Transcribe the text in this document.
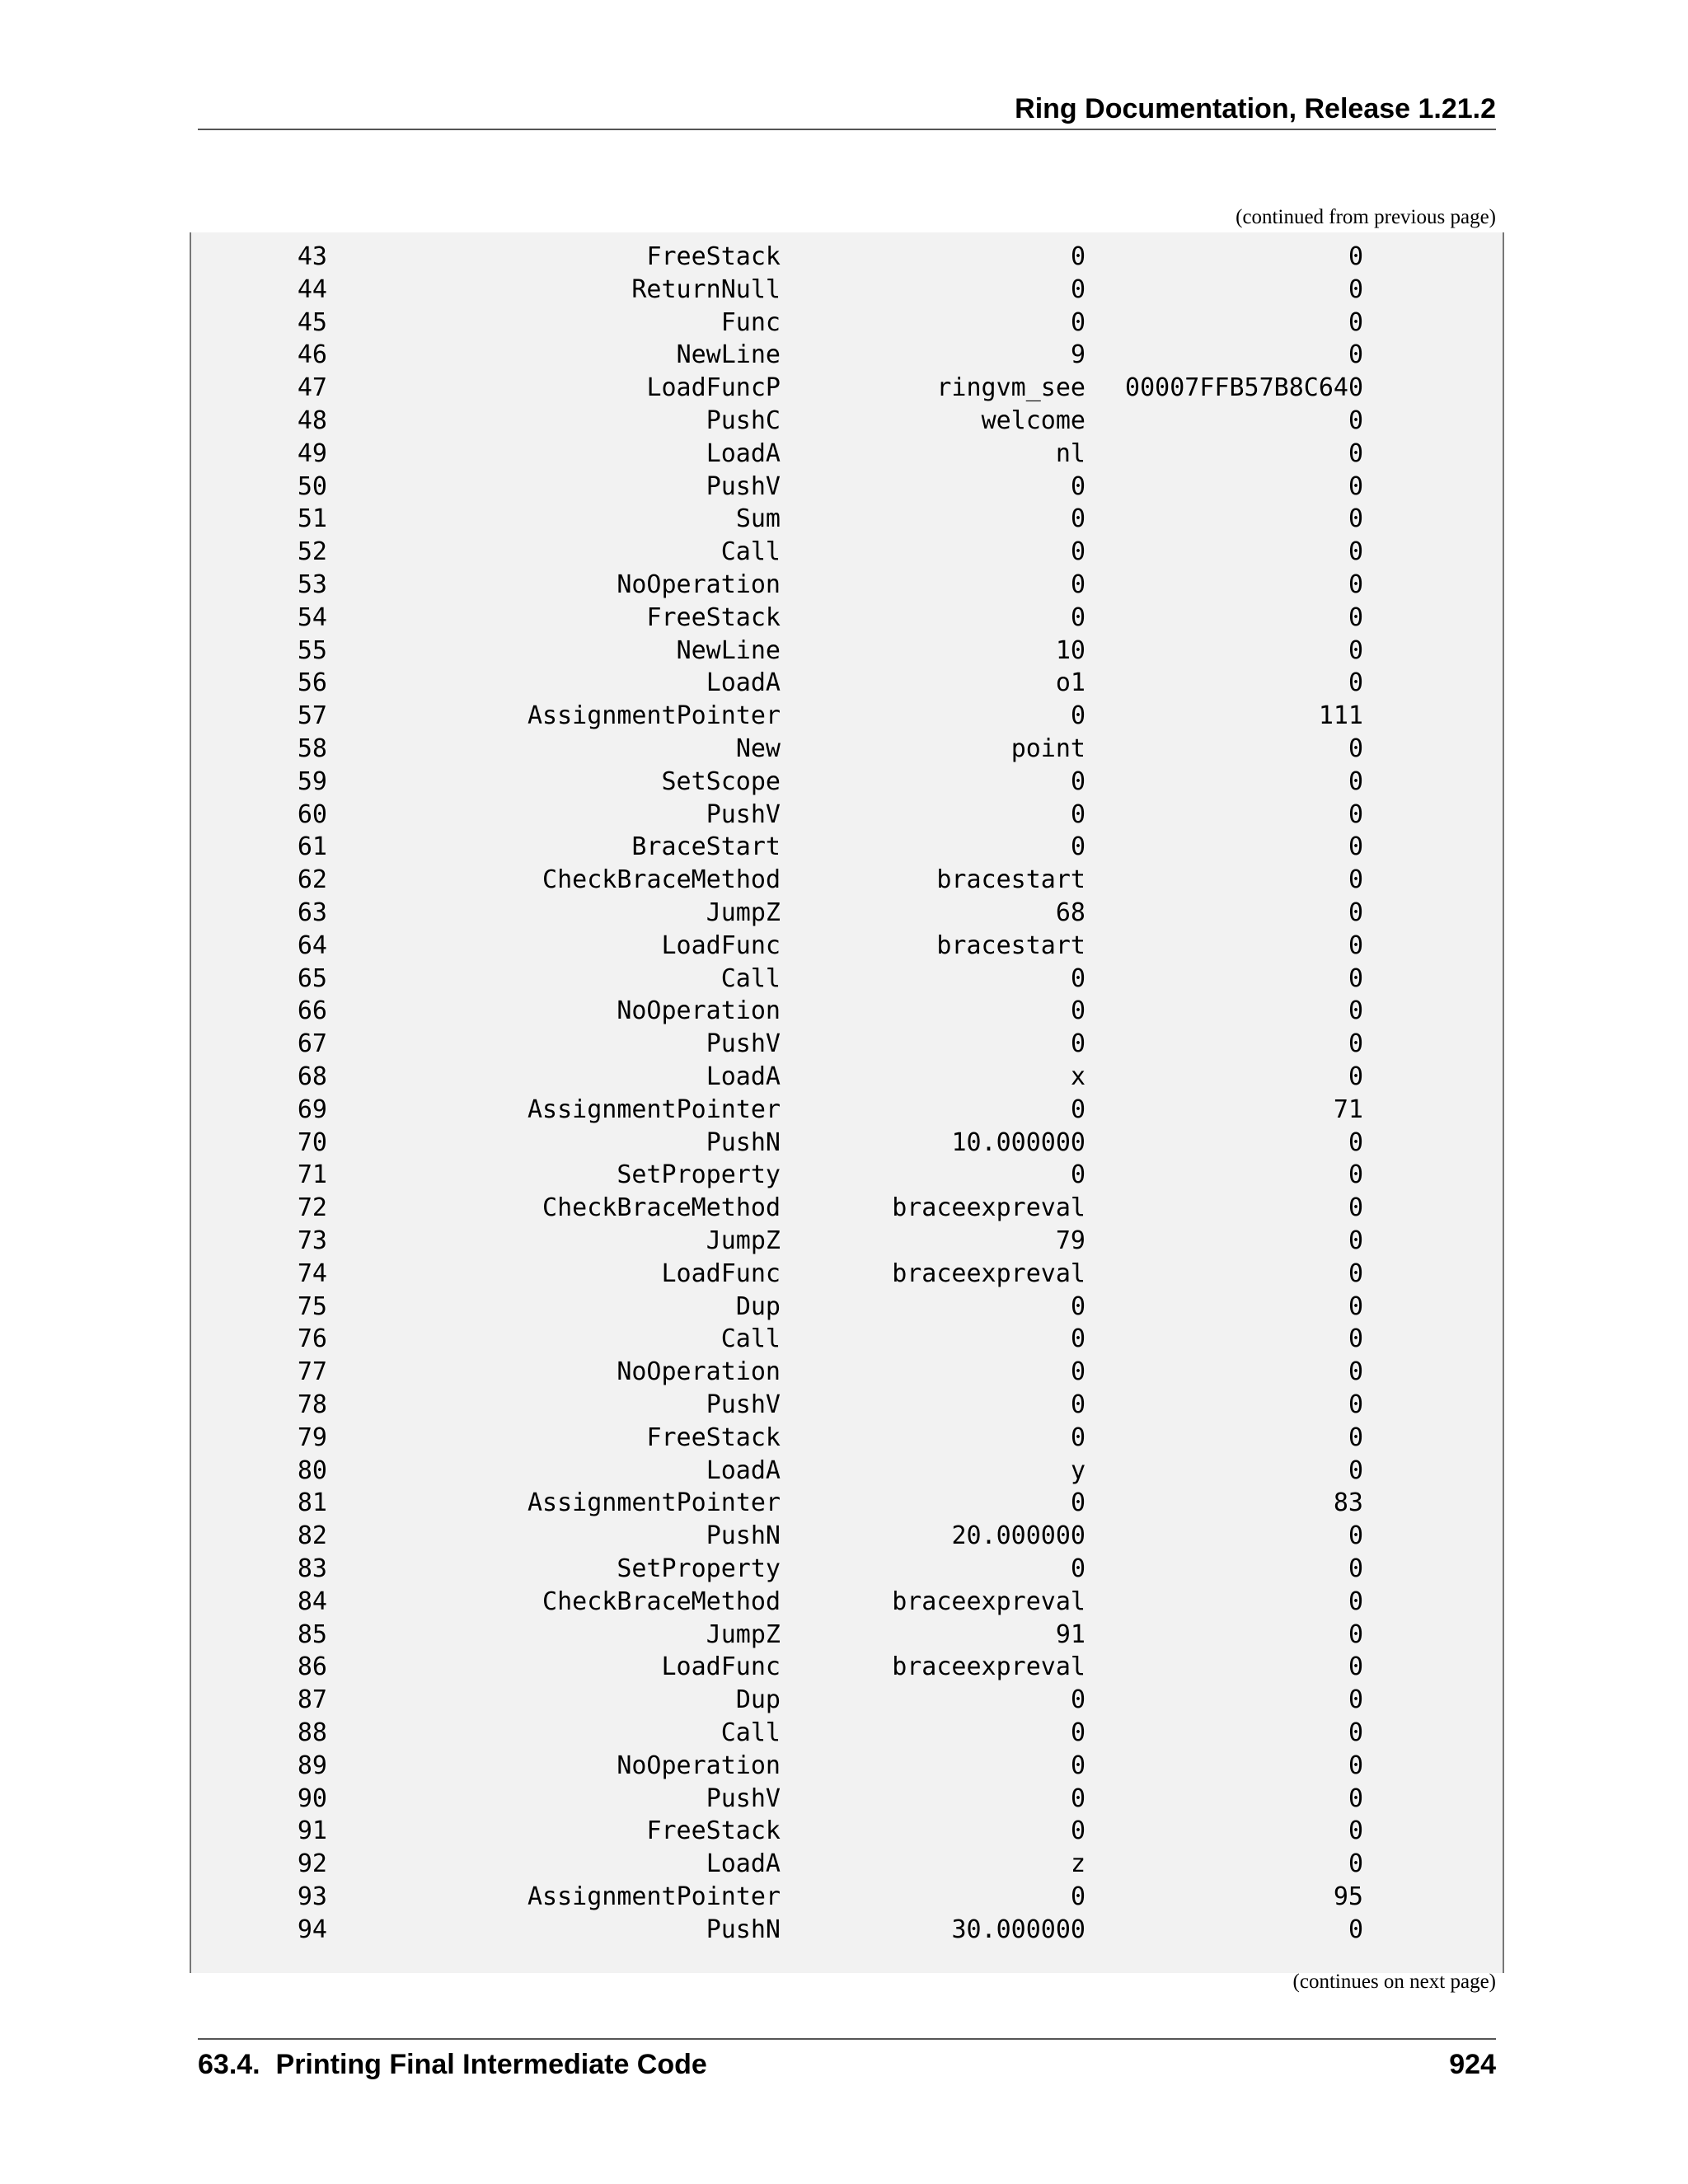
Ring Documentation, Release 1.21.2
(continued from previous page)
43	FreeStack	0	0
44	ReturnNull	0	0
45	Func	0	0
46	NewLine	9	0
47	LoadFuncP	ringvm_see	00007FFB57B8C640
48	PushC	welcome	0
49	LoadA	nl	0
50	PushV	0	0
51	Sum	0	0
52	Call	0	0
53	NoOperation	0	0
54	FreeStack	0	0
55	NewLine	10	0
56	LoadA	o1	0
57	AssignmentPointer	0	111
58	New	point	0
59	SetScope	0	0
60	PushV	0	0
61	BraceStart	0	0
62	CheckBraceMethod	bracestart	0
63	JumpZ	68	0
64	LoadFunc	bracestart	0
65	Call	0	0
66	NoOperation	0	0
67	PushV	0	0
68	LoadA	x	0
69	AssignmentPointer	0	71
70	PushN	10.000000	0
71	SetProperty	0	0
72	CheckBraceMethod	braceexpreval	0
73	JumpZ	79	0
74	LoadFunc	braceexpreval	0
75	Dup	0	0
76	Call	0	0
77	NoOperation	0	0
78	PushV	0	0
79	FreeStack	0	0
80	LoadA	y	0
81	AssignmentPointer	0	83
82	PushN	20.000000	0
83	SetProperty	0	0
84	CheckBraceMethod	braceexpreval	0
85	JumpZ	91	0
86	LoadFunc	braceexpreval	0
87	Dup	0	0
88	Call	0	0
89	NoOperation	0	0
90	PushV	0	0
91	FreeStack	0	0
92	LoadA	z	0
93	AssignmentPointer	0	95
94	PushN	30.000000	0
(continues on next page)
63.4.  Printing Final Intermediate Code	924
